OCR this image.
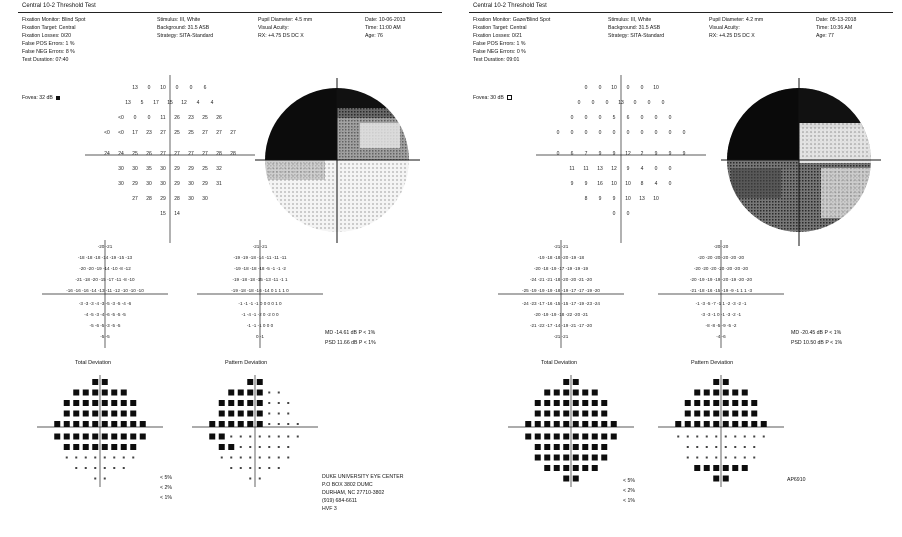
Central 10-2 Threshold Test
Fixation Monitor: Blind Spot
Fixation Target: Central
Fixation Losses: 0/20
False POS Errors: 1 %
False NEG Errors: 8 %
Test Duration: 07:40
Stimulus: III, White
Background: 31.5 ASB
Strategy: SITA-Standard
Pupil Diameter: 4.5 mm
Visual Acuity:
RX: +4.75 DS DC X
Date: 10-06-2013
Time: 11:00 AM
Age: 76
Fovea: 32 dB
13 0 10 0 0 6
13 5 17 15 12 4 4
<0 0 0 11 26 23 25 26
<0 <0 17 23 27 25 25 27 27 27
24 24 25 26 27 27 27 27 28 28
30 30 35 30 29 29 25 32
30 29 30 30 29 30 29 31
27 28 29 28 30 30
15 14
-20 -21
-18 -18 -18 -14 -19 -15 -13
-20 -20 -19 -14 -10 -8 -12
-21 -18 -20 -15 -17 -11 -8 -10
-16 -16 -16 -14 -13 -11 -12 -10 -10 -10
-3 -3 -3 -4 -3 -5 -3 -5 -4 -6
-4 -5 -3 -4 -6 -5 -5 -5
-5 -6 -5 -3 -5 -5
-5 -5
-21 -21
-19 -19 -18 -14 -11 -11 -11
-19 -18 -18 -18 -5 -1 -1 -2
-19 -18 -18 -15 -13 -11 -1 1
-19 -18 -18 -16 -14 0 1 1 1 0
-1 -1 -1 -1 0 0 0 0 1 0
-1 -4 -1 -2 0 -2 0 0
-1 -1 -1 0 0 0
0 -1
MD -14.61 dB P < 1%
PSD 11.66 dB P < 1%
Total Deviation	Pattern Deviation
< 5%
< 2%
< 1%
DUKE UNIVERSITY EYE CENTER
P.O BOX 3802 DUMC
DURHAM, NC 27710-3802
(919) 684-6611
HVF 3
Central 10-2 Threshold Test
Fixation Monitor: Gaze/Blind Spot
Fixation Target: Central
Fixation Losses: 0/21
False POS Errors: 1 %
False NEG Errors: 0 %
Test Duration: 09:01
Stimulus: III, White
Background: 31.5 ASB
Strategy: SITA-Standard
Pupil Diameter: 4.2 mm
Visual Acuity:
RX: +4.25 DS DC X
Date: 05-13-2018
Time: 10:36 AM
Age: 77
Fovea: 30 dB
0 0 10 0 0 10
0 0 0 13 0 0 0
0 0 0 5 6 0 0 0
0 0 0 0 0 0 0 0 0 0
0 6 7 9 9 12 2 9 9 9
11 11 13 12 9 4 0 0
9 9 16 10 10 8 4 0
8 9 9 10 13 10
0 0
-21 -21
-19 -18 -18 -20 -19 -18
-20 -18 -19 -17 -19 -19 -19
-24 -21 -21 -18 -20 -20 -21 -20
-25 -19 -19 -19 -18 -19 -17 -17 -19 -20
-24 -23 -17 -16 -15 -15 -17 -19 -23 -24
-20 -19 -19 -18 -22 -20 -21
-21 -22 -17 -14 -19 -21 -17 -20
-21 -21
-20 -20
-20 -20 -20 -20 -20 -20
-20 -20 -20 -20 -20 -20 -20
-20 -19 -19 -19 -20 -19 -20 -20
-21 -18 -16 -15 -19 -9 -1 1 1 -3
-1 -3 -5 -7 -1 1 -2 -3 -2 -1
-3 -3 -1 0 -1 -3 -2 -1
-8 -8 -5 -9 -5 -2
-4 -6
MD -20.45 dB P < 1%
PSD 10.50 dB P < 1%
Total Deviation	Pattern Deviation
< 5%
< 2%
< 1%
AP6910
